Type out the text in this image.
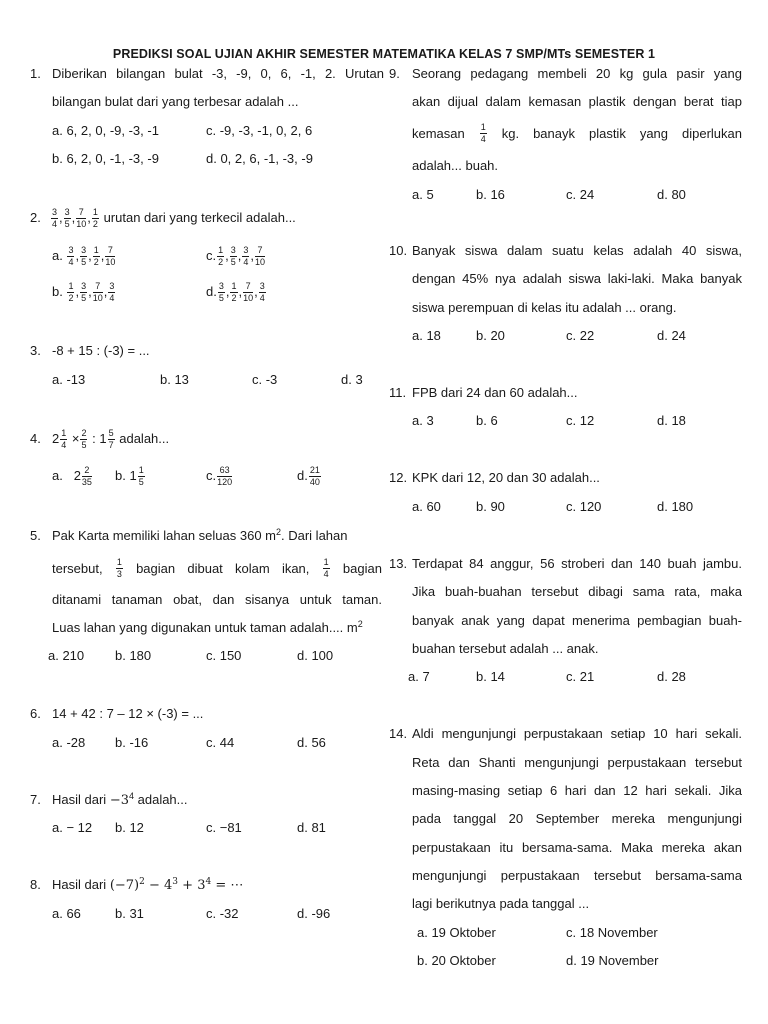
PREDIKSI SOAL UJIAN AKHIR SEMESTER MATEMATIKA KELAS 7 SMP/MTs SEMESTER 1
1. Diberikan bilangan bulat -3, -9, 0, 6, -1, 2. Urutan
bilangan bulat dari yang terbesar adalah ...
a. 6, 2, 0, -9, -3, -1	c. -9, -3, -1, 0, 2, 6
b. 6, 2, 0, -1, -3, -9	d. 0, 2, 6, -1, -3, -9
2. $\frac{3}{4}$ , $\frac{3}{5}$ , $\frac{7}{10}$ , $\frac{1}{2}$ urutan dari yang terkecil adalah...
a. $\frac{3}{4}$ , $\frac{3}{5}$ , $\frac{1}{2}$ , $\frac{7}{10}$	c. $\frac{1}{2}$ , $\frac{3}{5}$ , $\frac{3}{4}$ , $\frac{7}{10}$
b. $\frac{1}{2}$ , $\frac{3}{5}$ , $\frac{7}{10}$ , $\frac{3}{4}$	d. $\frac{3}{5}$ , $\frac{1}{2}$ , $\frac{7}{10}$ , $\frac{3}{4}$
3. -8 + 15 : (-3) = ...
a. -13	b. 13	c. -3	d. 3
4. $2 \frac{1}{4} \times \frac{2}{5}$ : $1 \frac{5}{7}$ adalah...
a. $2 \frac{2}{35} b$. $1 \frac{1}{5}$	c. $\frac{63}{120}$	d. $\frac{21}{40}$
5. Pak Karta memiliki lahan seluas 360 $m^2$. Dari lahan
tersebut, $\frac{1}{3}$ bagian dibuat kolam ikan, $\frac{1}{4}$ bagian
ditanami tanaman obat, dan sisanya untuk taman.
Luas lahan yang digunakan untuk taman adalah.... $m^2$
a. 210 b. 180	c. 150	d. 100
6. 14 + 42 : 7 – 12 × (-3) = ...
a. -28 b. -16	c. 44	d. 56
7. Hasil dari $-3^4$ adalah...
a. − 12 b. 12	c. −81	d. 81
8. Hasil dari $(-7)^2 - 4^3 + 3^4$ = ⋯
a. 66	b. 31	c. -32	d. -96
9. Seorang pedagang membeli 20 kg gula pasir yang
akan dijual dalam kemasan plastik dengan berat tiap
kemasan $\frac{1}{4}$ kg. banayk plastik yang diperlukan
adalah... buah.
a. 5	b. 16	c. 24	d. 80
10. Banyak siswa dalam suatu kelas adalah 40 siswa,
dengan 45% nya adalah siswa laki-laki. Maka banyak
siswa perempuan di kelas itu adalah ... orang.
a. 18	b. 20	c. 22	d. 24
11. FPB dari 24 dan 60 adalah...
a. 3	b. 6	c. 12	d. 18
12. KPK dari 12, 20 dan 30 adalah...
a. 60	b. 90	c. 120	d. 180
13. Terdapat 84 anggur, 56 stroberi dan 140 buah jambu.
Jika buah-buahan tersebut dibagi sama rata, maka
banyak anak yang dapat menerima pembagian buah-
buahan tersebut adalah ... anak.
a. 7	b. 14	c. 21	d. 28
14. Aldi mengunjungi perpustakaan setiap 10 hari sekali.
Reta dan Shanti mengunjungi perpustakaan tersebut
masing-masing setiap 6 hari dan 12 hari sekali. Jika
pada tanggal 20 September mereka mengunjungi
perpustakaan itu bersama-sama. Maka mereka akan
mengunjungi perpustakaan tersebut bersama-sama
lagi berikutnya pada tanggal ...
a. 19 Oktober	c. 18 November
b. 20 Oktober	d. 19 November
